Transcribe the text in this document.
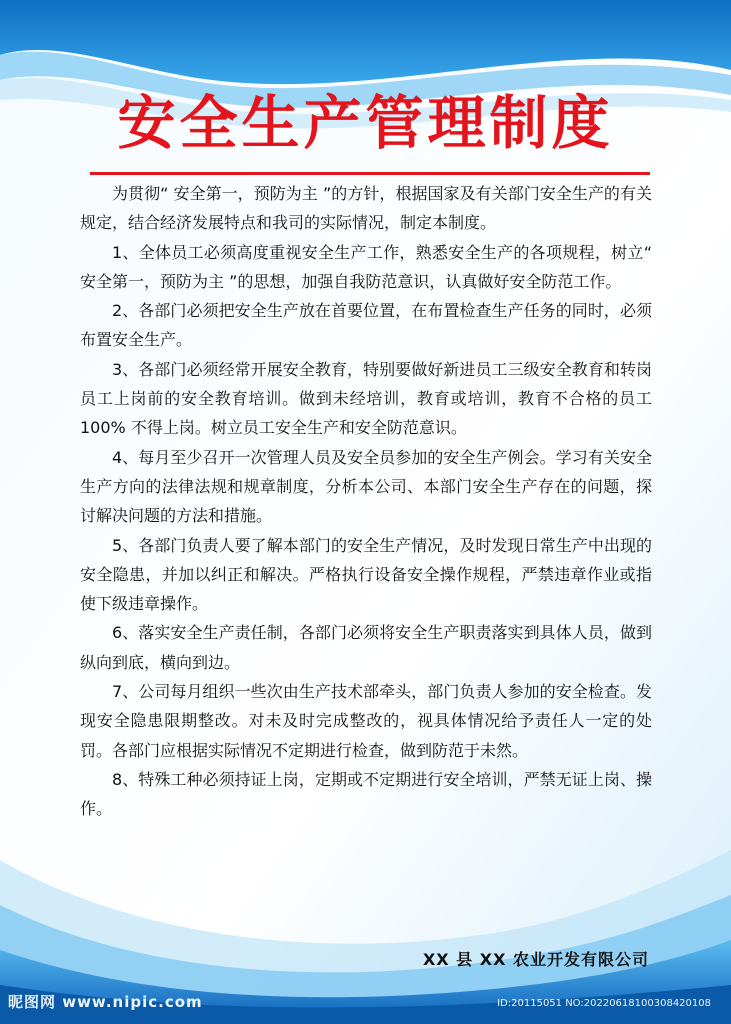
安全生产管理制度

为贯彻“ 安全第一，预防为主 ”的方针，根据国家及有关部门安全生产的有关规定，结合经济发展特点和我司的实际情况，制定本制度。

1、全体员工必须高度重视安全生产工作，熟悉安全生产的各项规程，树立“ 安全第一，预防为主 ”的思想，加强自我防范意识，认真做好安全防范工作。

2、各部门必须把安全生产放在首要位置，在布置检查生产任务的同时，必须布置安全生产。

3、各部门必须经常开展安全教育，特别要做好新进员工三级安全教育和转岗员工上岗前的安全教育培训。做到未经培训，教育或培训，教育不合格的员工 100% 不得上岗。树立员工安全生产和安全防范意识。

4、每月至少召开一次管理人员及安全员参加的安全生产例会。学习有关安全生产方向的法律法规和规章制度，分析本公司、本部门安全生产存在的问题，探讨解决问题的方法和措施。

5、各部门负责人要了解本部门的安全生产情况，及时发现日常生产中出现的安全隐患，并加以纠正和解决。严格执行设备安全操作规程，严禁违章作业或指使下级违章操作。

6、落实安全生产责任制，各部门必须将安全生产职责落实到具体人员，做到纵向到底，横向到边。

7、公司每月组织一些次由生产技术部牵头，部门负责人参加的安全检查。发现安全隐患限期整改。对未及时完成整改的，视具体情况给予责任人一定的处罚。各部门应根据实际情况不定期进行检查，做到防范于未然。

8、特殊工种必须持证上岗，定期或不定期进行安全培训，严禁无证上岗、操作。

XX 县 XX 农业开发有限公司
昵图网 www.nipic.com	ID:20115051 NO:20220618100308420108
